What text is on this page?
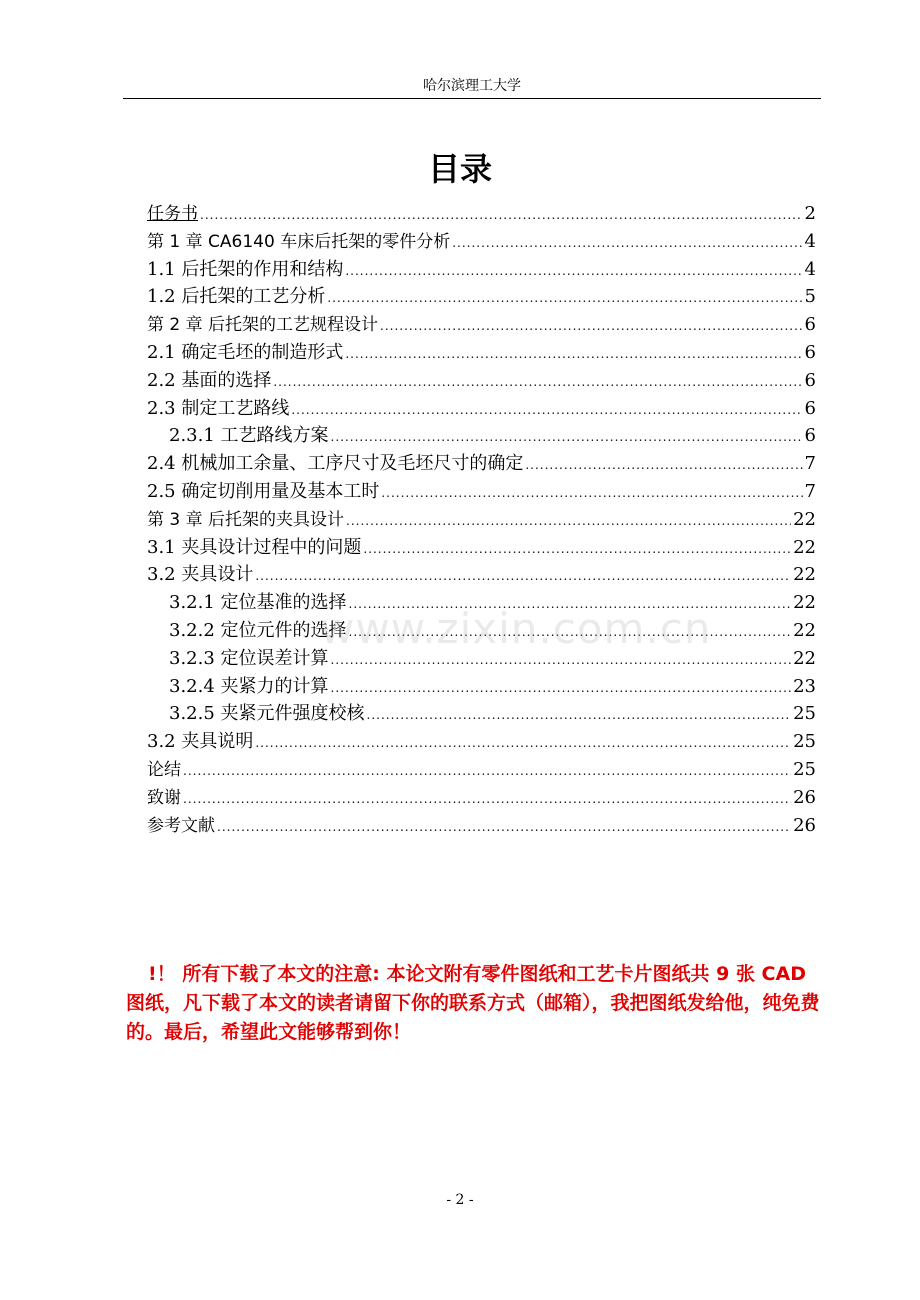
哈尔滨理工大学
目录
任务书 .....	2
第 1 章 CA6140 车床后托架的零件分析 .....	4
1.1 后托架的作用和结构 .....	4
1.2 后托架的工艺分析 .....	5
第 2 章 后托架的工艺规程设计 .....	6
2.1 确定毛坯的制造形式 .....	6
2.2 基面的选择 .....	6
2.3 制定工艺路线 .....	6
2.3.1 工艺路线方案 .....	6
2.4 机械加工余量、工序尺寸及毛坯尺寸的确定 .....	7
2.5 确定切削用量及基本工时 .....	7
第 3 章 后托架的夹具设计 .....	22
3.1 夹具设计过程中的问题 .....	22
3.2 夹具设计 .....	22
3.2.1 定位基准的选择 .....	22
3.2.2 定位元件的选择 .....	22
3.2.3 定位误差计算 .....	22
3.2.4 夹紧力的计算 .....	23
3.2.5 夹紧元件强度校核 .....	25
3.2 夹具说明 .....	25
论结 .....	25
致谢 .....	26
参考文献 .....	26
www.zixin.com.cn
!！ 所有下载了本文的注意: 本论文附有零件图纸和工艺卡片图纸共 9 张 CAD 图纸，凡下载了本文的读者请留下你的联系方式（邮箱），我把图纸发给他，纯免费的。最后，希望此文能够帮到你！
- 2 -
